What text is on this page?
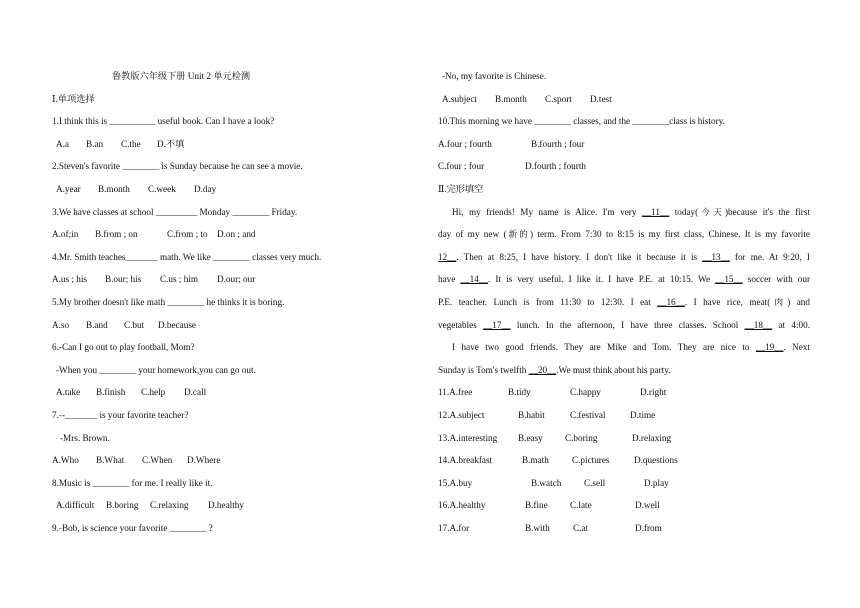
鲁教版六年级下册 Unit 2 单元检测
Ⅰ.单项选择
1.I think this is __________ useful book. Can I have a look?
A.a B.an C.the D.不填
2.Steven's favorite ________ is Sunday because he can see a movie.
A.year B.month C.week D.day
3.We have classes at school _________ Monday ________ Friday.
A.of;in B.from ; on	C.from ; to D.on ; and
4.Mr. Smith teaches_______ math. We like ________ classes very much.
A.us ; his B.our; his C.us ; him D.our; our
5.My brother doesn't like math ________ he thinks it is boring.
A.so B.and C.but D.because
6.-Can I go out to play football, Mom?
-When you ________ your homework,you can go out.
A.take B.finish C.help D.call
7.--_______ is your favorite teacher?
-Mrs. Brown.
A.Who B.What C.When D.Where
8.Music is ________ for me. I really like it.
A.difficult B.boring C.relaxing D.healthy
9.-Bob, is science your favorite ________ ?
-No, my favorite is Chinese.
A.subject B.month C.sport D.test
10.This morning we have ________ classes, and the ________class is history.
A.four ; fourth	B.fourth ; four
C.four ; four	D.fourth ; fourth
Ⅱ.完形填空
Hi, my friends! My name is Alice. I'm very __11__ today(今天)because it's the first
day of my new (新的) term. From 7:30 to 8:15 is my first class, Chinese. It is my favorite
12__. Then at 8:25, I have history. I don't like it because it is __13__ for me. At 9:20, I
have __14__. It is very useful. I like it. I have P.E. at 10:15. We __15__ soccer with our
P.E. teacher. Lunch is from 11:30 to 12:30. I eat __16__. I have rice, meat(肉) and
vegetables __17__ lunch. In the afternoon, I have three classes. School __18__ at 4:00.
I have two good friends. They are Mike and Tom. They are nice to __19__. Next
Sunday is Tom's twelfth __20__.We must think about his party.
11.A.free	B.tidy	C.happy	D.right
12.A.subject	B.habit	C.festival	D.time
13.A.interesting B.easy C.boring	D.relaxing
14.A.breakfast	B.math	C.pictures	D.questions
15.A.buy	B.watch C.sell	D.play
16.A.healthy	B.fine C.late	D.well
17.A.for	B.with	C.at	D.from
